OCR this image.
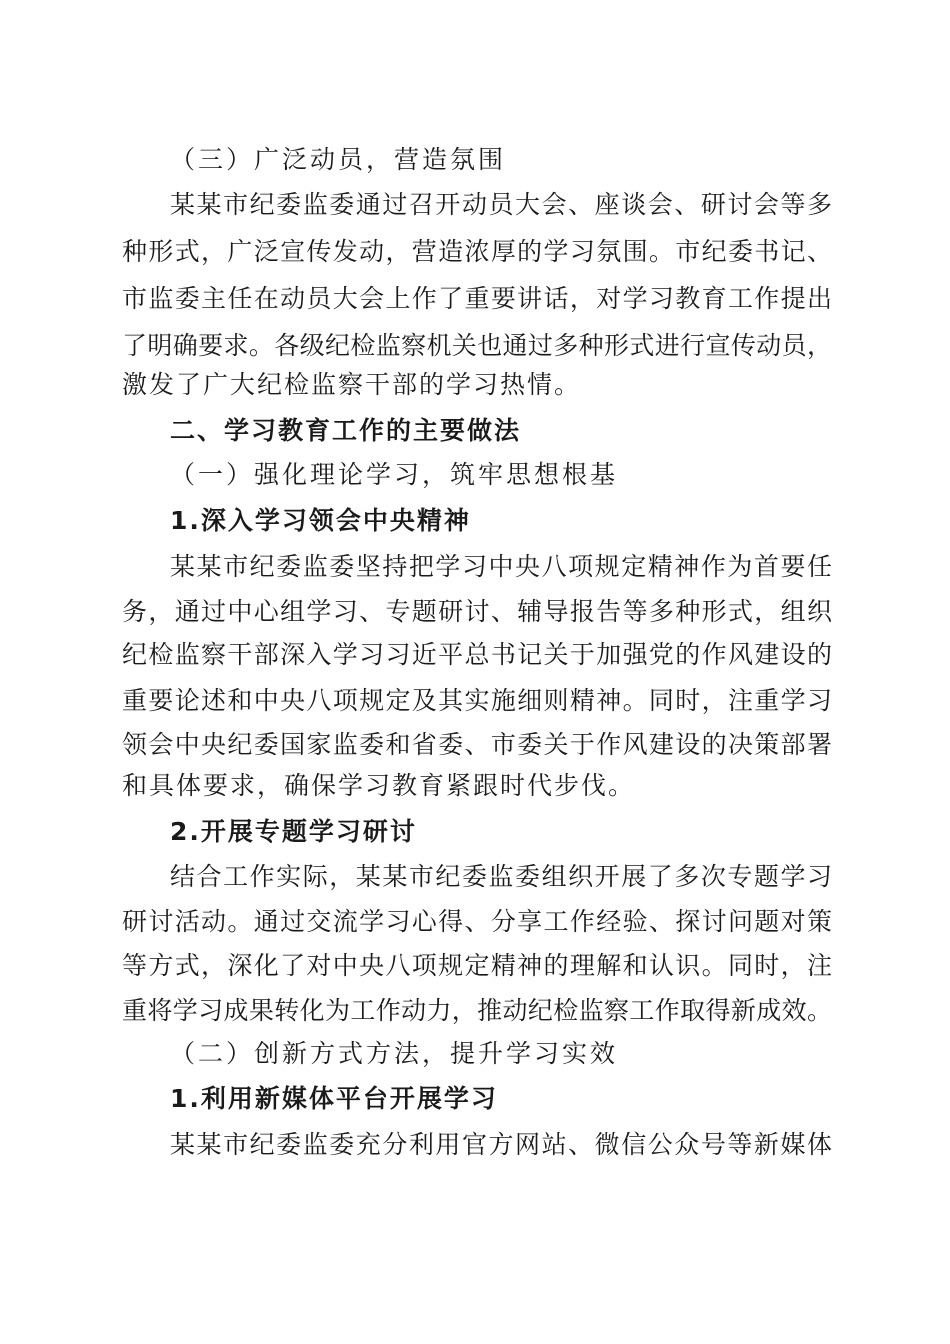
（三）广泛动员，营造氛围
某某市纪委监委通过召开动员大会、座谈会、研讨会等多
种形式，广泛宣传发动，营造浓厚的学习氛围。市纪委书记、
市监委主任在动员大会上作了重要讲话，对学习教育工作提出
了明确要求。各级纪检监察机关也通过多种形式进行宣传动员，
激发了广大纪检监察干部的学习热情。
二、学习教育工作的主要做法
（一）强化理论学习，筑牢思想根基
1.深入学习领会中央精神
某某市纪委监委坚持把学习中央八项规定精神作为首要任
务，通过中心组学习、专题研讨、辅导报告等多种形式，组织
纪检监察干部深入学习习近平总书记关于加强党的作风建设的
重要论述和中央八项规定及其实施细则精神。同时，注重学习
领会中央纪委国家监委和省委、市委关于作风建设的决策部署
和具体要求，确保学习教育紧跟时代步伐。
2.开展专题学习研讨
结合工作实际，某某市纪委监委组织开展了多次专题学习
研讨活动。通过交流学习心得、分享工作经验、探讨问题对策
等方式，深化了对中央八项规定精神的理解和认识。同时，注
重将学习成果转化为工作动力，推动纪检监察工作取得新成效。
（二）创新方式方法，提升学习实效
1.利用新媒体平台开展学习
某某市纪委监委充分利用官方网站、微信公众号等新媒体
